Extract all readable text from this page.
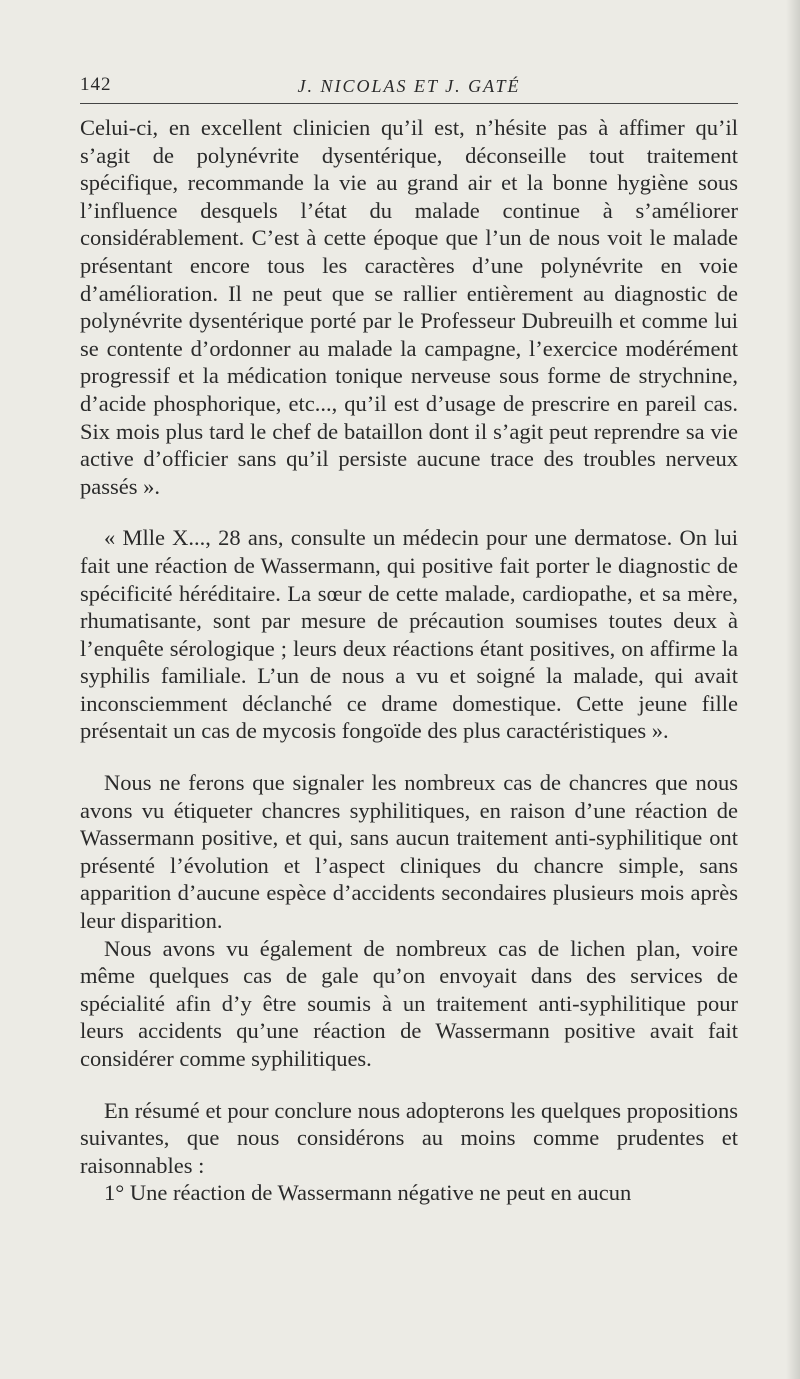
142	J. NICOLAS ET J. GATÉ

Celui-ci, en excellent clinicien qu’il est, n’hésite pas à affimer qu’il s’agit de polynévrite dysentérique, déconseille tout traitement spécifique, recommande la vie au grand air et la bonne hygiène sous l’influence desquels l’état du malade continue à s’améliorer considérablement. C’est à cette époque que l’un de nous voit le malade présentant encore tous les caractères d’une polynévrite en voie d’amélioration. Il ne peut que se rallier entièrement au diagnostic de polynévrite dysentérique porté par le Professeur Dubreuilh et comme lui se contente d’ordonner au malade la campagne, l’exercice modérément progressif et la médication tonique nerveuse sous forme de strychnine, d’acide phosphorique, etc..., qu’il est d’usage de prescrire en pareil cas. Six mois plus tard le chef de bataillon dont il s’agit peut reprendre sa vie active d’officier sans qu’il persiste aucune trace des troubles nerveux passés ».

« Mlle X..., 28 ans, consulte un médecin pour une dermatose. On lui fait une réaction de Wassermann, qui positive fait porter le diagnostic de spécificité héréditaire. La sœur de cette malade, cardiopathe, et sa mère, rhumatisante, sont par mesure de précaution soumises toutes deux à l’enquête sérologique ; leurs deux réactions étant positives, on affirme la syphilis familiale. L’un de nous a vu et soigné la malade, qui avait inconsciemment déclanché ce drame domestique. Cette jeune fille présentait un cas de mycosis fongoïde des plus caractéristiques ».

Nous ne ferons que signaler les nombreux cas de chancres que nous avons vu étiqueter chancres syphilitiques, en raison d’une réaction de Wassermann positive, et qui, sans aucun traitement anti-syphilitique ont présenté l’évolution et l’aspect cliniques du chancre simple, sans apparition d’aucune espèce d’accidents secondaires plusieurs mois après leur disparition.

Nous avons vu également de nombreux cas de lichen plan, voire même quelques cas de gale qu’on envoyait dans des services de spécialité afin d’y être soumis à un traitement anti-syphilitique pour leurs accidents qu’une réaction de Wassermann positive avait fait considérer comme syphilitiques.

En résumé et pour conclure nous adopterons les quelques propositions suivantes, que nous considérons au moins comme prudentes et raisonnables :

1° Une réaction de Wassermann négative ne peut en aucun
